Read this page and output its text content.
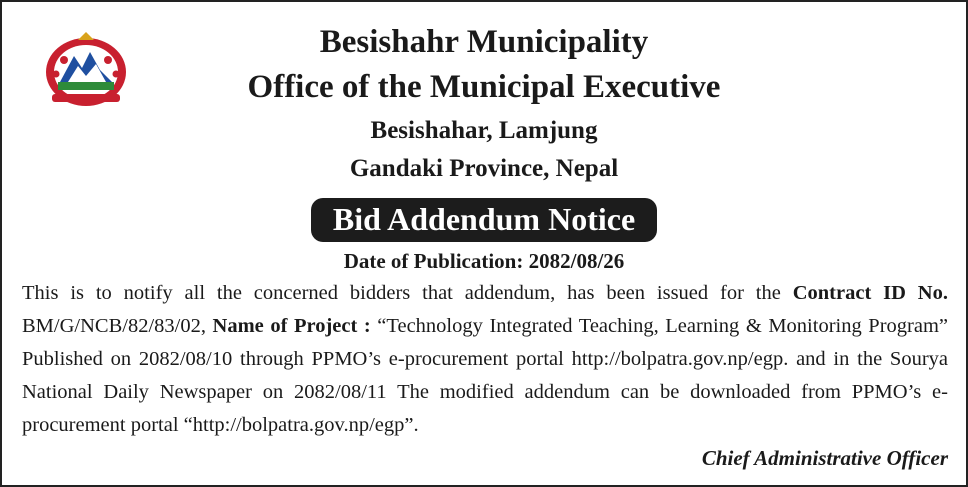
Besishahr Municipality
Office of the Municipal Executive
Besishahar, Lamjung
Gandaki Province, Nepal
Bid Addendum Notice
Date of Publication: 2082/08/26

This is to notify all the concerned bidders that addendum, has been issued for the Contract ID No. BM/G/NCB/82/83/02, Name of Project : “Technology Integrated Teaching, Learning & Monitoring Program” Published on 2082/08/10 through PPMO’s e-procurement portal http://bolpatra.gov.np/egp. and in the Sourya National Daily Newspaper on 2082/08/11 The modified addendum can be downloaded from PPMO’s e-procurement portal “http://bolpatra.gov.np/egp”.

Chief Administrative Officer
